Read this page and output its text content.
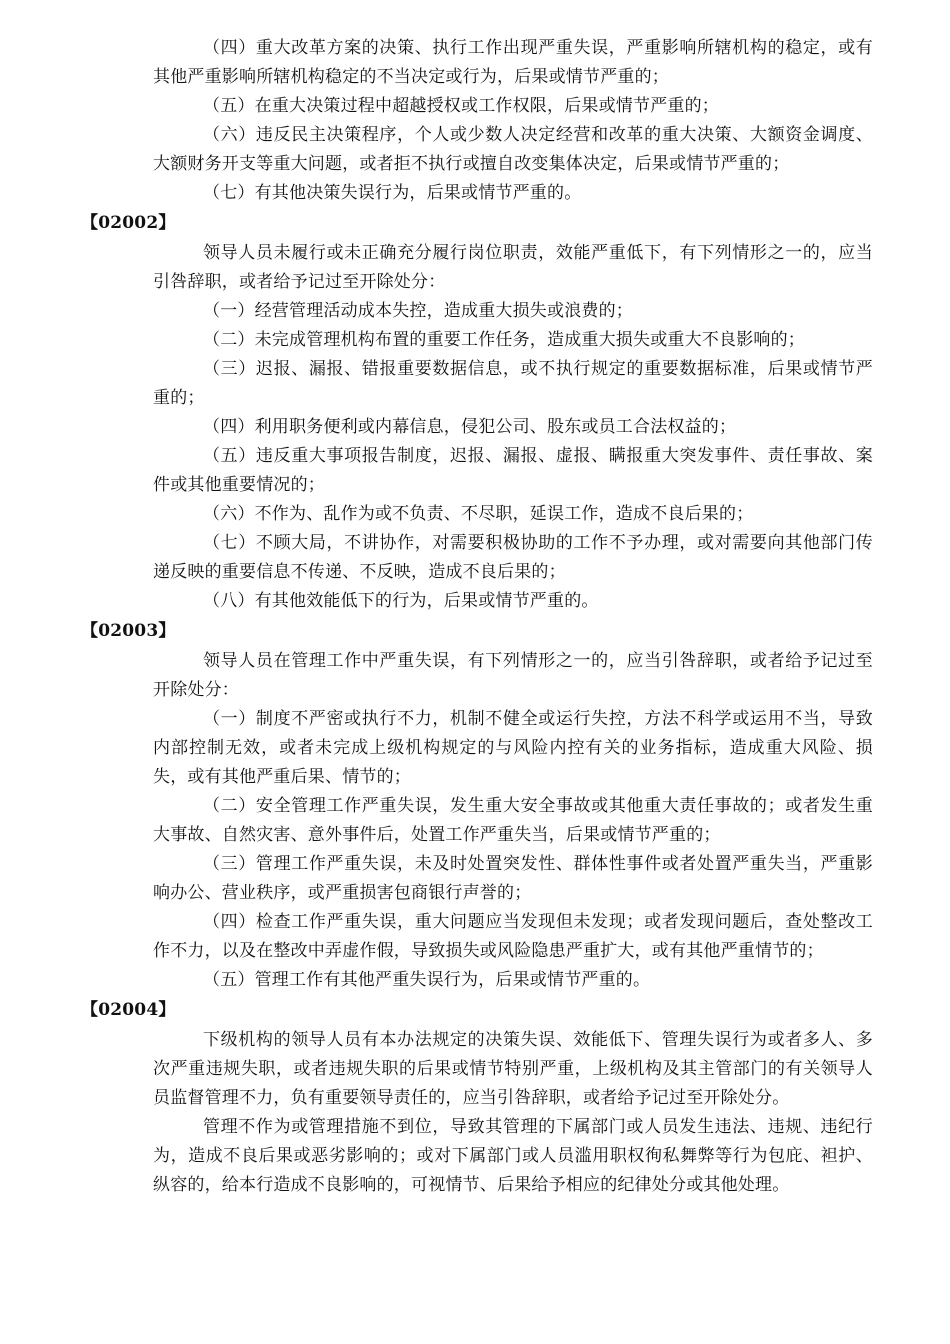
（四）重大改革方案的决策、执行工作出现严重失误，严重影响所辖机构的稳定，或有其他严重影响所辖机构稳定的不当决定或行为，后果或情节严重的；

（五）在重大决策过程中超越授权或工作权限，后果或情节严重的；

（六）违反民主决策程序，个人或少数人决定经营和改革的重大决策、大额资金调度、大额财务开支等重大问题，或者拒不执行或擅自改变集体决定，后果或情节严重的；

（七）有其他决策失误行为，后果或情节严重的。

【02002】

领导人员未履行或未正确充分履行岗位职责，效能严重低下，有下列情形之一的，应当引咎辞职，或者给予记过至开除处分：

（一）经营管理活动成本失控，造成重大损失或浪费的；

（二）未完成管理机构布置的重要工作任务，造成重大损失或重大不良影响的；

（三）迟报、漏报、错报重要数据信息，或不执行规定的重要数据标准，后果或情节严重的；

（四）利用职务便利或内幕信息，侵犯公司、股东或员工合法权益的；

（五）违反重大事项报告制度，迟报、漏报、虚报、瞒报重大突发事件、责任事故、案件或其他重要情况的；

（六）不作为、乱作为或不负责、不尽职，延误工作，造成不良后果的；

（七）不顾大局，不讲协作，对需要积极协助的工作不予办理，或对需要向其他部门传递反映的重要信息不传递、不反映，造成不良后果的；

（八）有其他效能低下的行为，后果或情节严重的。

【02003】

领导人员在管理工作中严重失误，有下列情形之一的，应当引咎辞职，或者给予记过至开除处分：

（一）制度不严密或执行不力，机制不健全或运行失控，方法不科学或运用不当，导致内部控制无效，或者未完成上级机构规定的与风险内控有关的业务指标，造成重大风险、损失，或有其他严重后果、情节的；

（二）安全管理工作严重失误，发生重大安全事故或其他重大责任事故的；或者发生重大事故、自然灾害、意外事件后，处置工作严重失当，后果或情节严重的；

（三）管理工作严重失误，未及时处置突发性、群体性事件或者处置严重失当，严重影响办公、营业秩序，或严重损害包商银行声誉的；

（四）检查工作严重失误，重大问题应当发现但未发现；或者发现问题后，查处整改工作不力，以及在整改中弄虚作假，导致损失或风险隐患严重扩大，或有其他严重情节的；

（五）管理工作有其他严重失误行为，后果或情节严重的。

【02004】

下级机构的领导人员有本办法规定的决策失误、效能低下、管理失误行为或者多人、多次严重违规失职，或者违规失职的后果或情节特别严重，上级机构及其主管部门的有关领导人员监督管理不力，负有重要领导责任的，应当引咎辞职，或者给予记过至开除处分。

管理不作为或管理措施不到位，导致其管理的下属部门或人员发生违法、违规、违纪行为，造成不良后果或恶劣影响的；或对下属部门或人员滥用职权徇私舞弊等行为包庇、袒护、纵容的，给本行造成不良影响的，可视情节、后果给予相应的纪律处分或其他处理。
